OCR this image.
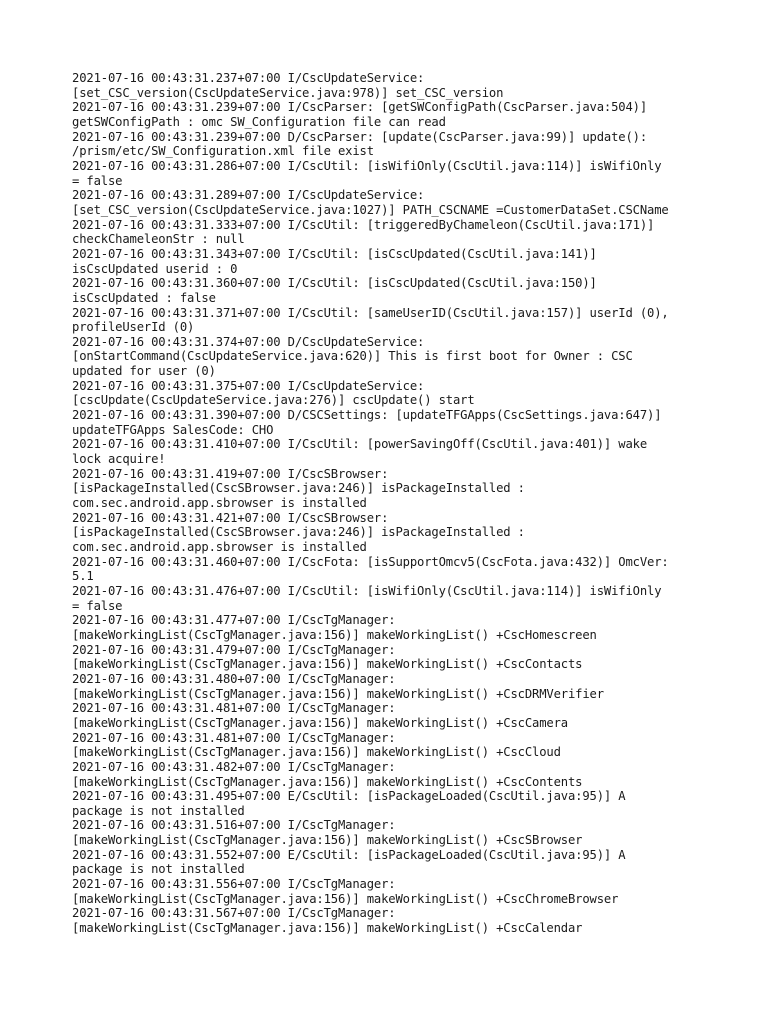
2021-07-16 00:43:31.237+07:00 I/CscUpdateService:
[set_CSC_version(CscUpdateService.java:978)] set_CSC_version
2021-07-16 00:43:31.239+07:00 I/CscParser: [getSWConfigPath(CscParser.java:504)]
getSWConfigPath : omc SW_Configuration file can read
2021-07-16 00:43:31.239+07:00 D/CscParser: [update(CscParser.java:99)] update():
/prism/etc/SW_Configuration.xml file exist
2021-07-16 00:43:31.286+07:00 I/CscUtil: [isWifiOnly(CscUtil.java:114)] isWifiOnly
= false
2021-07-16 00:43:31.289+07:00 I/CscUpdateService:
[set_CSC_version(CscUpdateService.java:1027)] PATH_CSCNAME =CustomerDataSet.CSCName
2021-07-16 00:43:31.333+07:00 I/CscUtil: [triggeredByChameleon(CscUtil.java:171)]
checkChameleonStr : null
2021-07-16 00:43:31.343+07:00 I/CscUtil: [isCscUpdated(CscUtil.java:141)]
isCscUpdated userid : 0
2021-07-16 00:43:31.360+07:00 I/CscUtil: [isCscUpdated(CscUtil.java:150)]
isCscUpdated : false
2021-07-16 00:43:31.371+07:00 I/CscUtil: [sameUserID(CscUtil.java:157)] userId (0),
profileUserId (0)
2021-07-16 00:43:31.374+07:00 D/CscUpdateService:
[onStartCommand(CscUpdateService.java:620)] This is first boot for Owner : CSC
updated for user (0)
2021-07-16 00:43:31.375+07:00 I/CscUpdateService:
[cscUpdate(CscUpdateService.java:276)] cscUpdate() start
2021-07-16 00:43:31.390+07:00 D/CSCSettings: [updateTFGApps(CscSettings.java:647)]
updateTFGApps SalesCode: CHO
2021-07-16 00:43:31.410+07:00 I/CscUtil: [powerSavingOff(CscUtil.java:401)] wake
lock acquire!
2021-07-16 00:43:31.419+07:00 I/CscSBrowser:
[isPackageInstalled(CscSBrowser.java:246)] isPackageInstalled :
com.sec.android.app.sbrowser is installed
2021-07-16 00:43:31.421+07:00 I/CscSBrowser:
[isPackageInstalled(CscSBrowser.java:246)] isPackageInstalled :
com.sec.android.app.sbrowser is installed
2021-07-16 00:43:31.460+07:00 I/CscFota: [isSupportOmcv5(CscFota.java:432)] OmcVer:
5.1
2021-07-16 00:43:31.476+07:00 I/CscUtil: [isWifiOnly(CscUtil.java:114)] isWifiOnly
= false
2021-07-16 00:43:31.477+07:00 I/CscTgManager:
[makeWorkingList(CscTgManager.java:156)] makeWorkingList() +CscHomescreen
2021-07-16 00:43:31.479+07:00 I/CscTgManager:
[makeWorkingList(CscTgManager.java:156)] makeWorkingList() +CscContacts
2021-07-16 00:43:31.480+07:00 I/CscTgManager:
[makeWorkingList(CscTgManager.java:156)] makeWorkingList() +CscDRMVerifier
2021-07-16 00:43:31.481+07:00 I/CscTgManager:
[makeWorkingList(CscTgManager.java:156)] makeWorkingList() +CscCamera
2021-07-16 00:43:31.481+07:00 I/CscTgManager:
[makeWorkingList(CscTgManager.java:156)] makeWorkingList() +CscCloud
2021-07-16 00:43:31.482+07:00 I/CscTgManager:
[makeWorkingList(CscTgManager.java:156)] makeWorkingList() +CscContents
2021-07-16 00:43:31.495+07:00 E/CscUtil: [isPackageLoaded(CscUtil.java:95)] A
package is not installed
2021-07-16 00:43:31.516+07:00 I/CscTgManager:
[makeWorkingList(CscTgManager.java:156)] makeWorkingList() +CscSBrowser
2021-07-16 00:43:31.552+07:00 E/CscUtil: [isPackageLoaded(CscUtil.java:95)] A
package is not installed
2021-07-16 00:43:31.556+07:00 I/CscTgManager:
[makeWorkingList(CscTgManager.java:156)] makeWorkingList() +CscChromeBrowser
2021-07-16 00:43:31.567+07:00 I/CscTgManager:
[makeWorkingList(CscTgManager.java:156)] makeWorkingList() +CscCalendar
